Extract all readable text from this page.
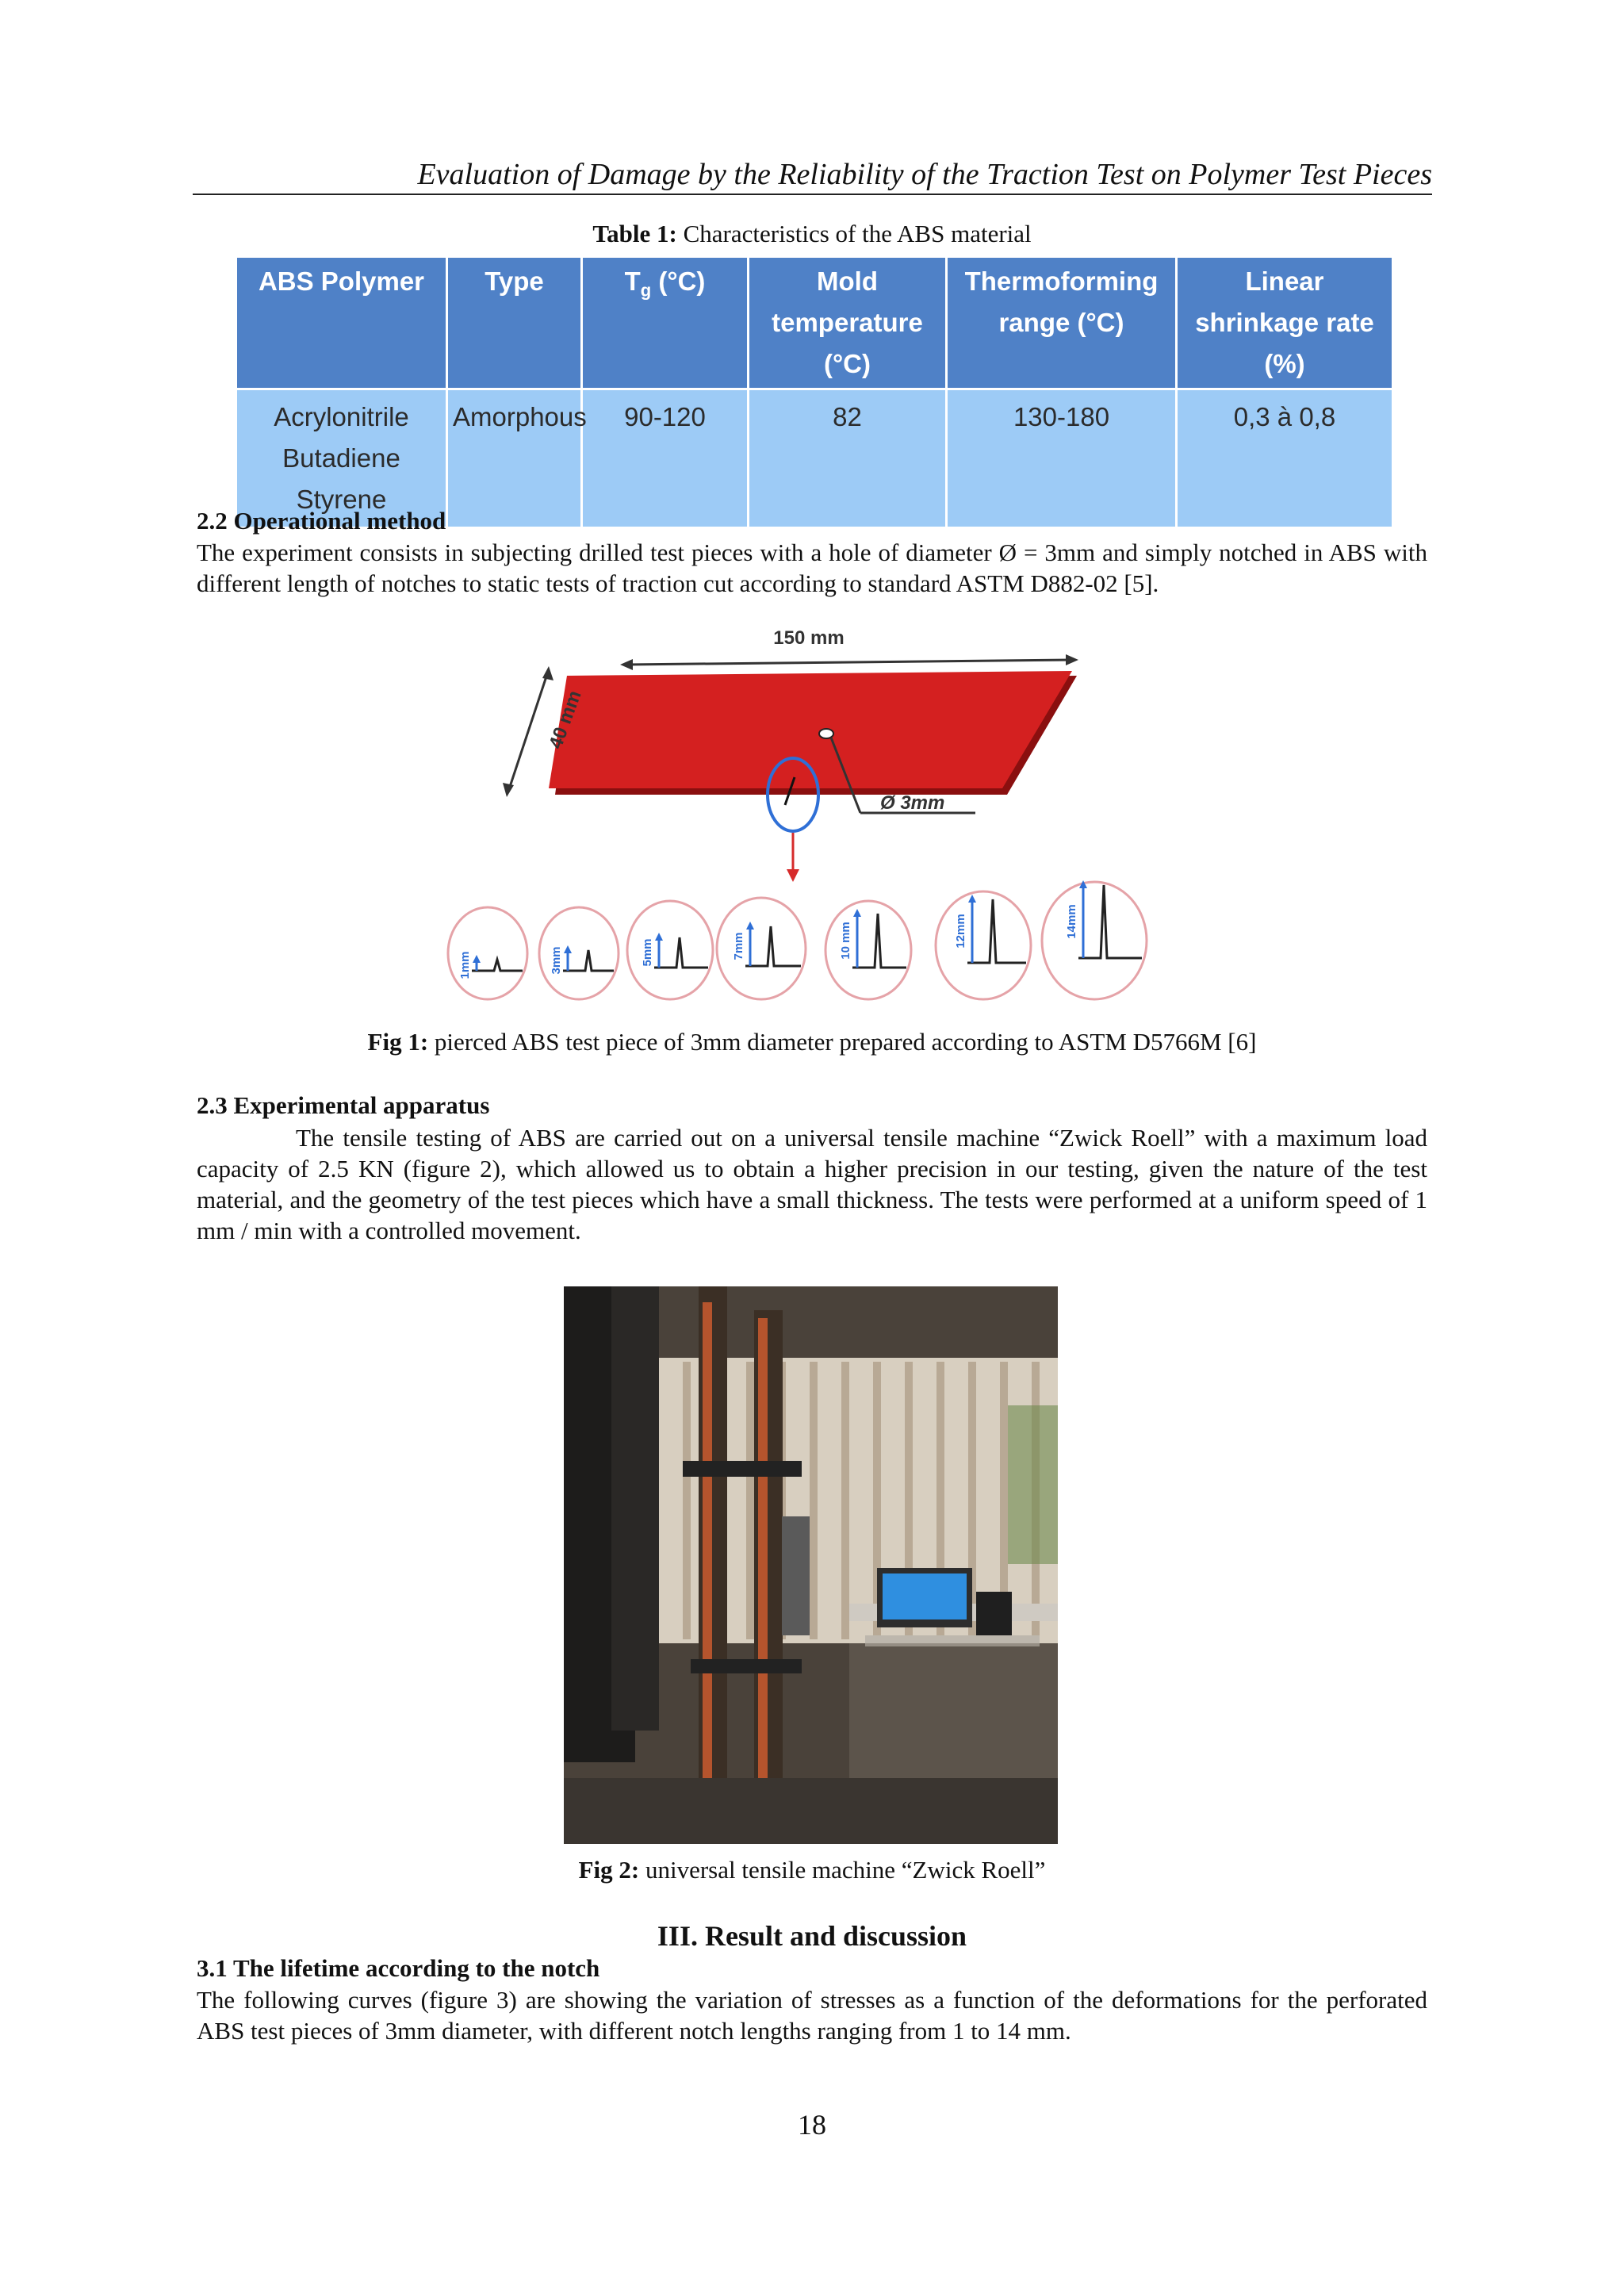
Evaluation of Damage by the Reliability of the Traction Test on Polymer Test Pieces
Table 1: Characteristics of the ABS material
ABS Polymer	Type	$T_g$ (°C)	Mold temperature (°C)	Thermoforming range (°C)	Linear shrinkage rate (%)
Acrylonitrile Butadiene Styrene	Amorphous	90-120	82	130-180	0,3 à 0,8
2.2 Operational method
The experiment consists in subjecting drilled test pieces with a hole of diameter Ø = 3mm and simply notched in ABS with different length of notches to static tests of traction cut according to standard ASTM D882-02 [5].
150 mm
40 mm
Ø 3mm
1mm	3mm	5mm	7mm	10 mm	12mm	14mm
Fig 1: pierced ABS test piece of 3mm diameter prepared according to ASTM D5766M [6]
2.3 Experimental apparatus
The tensile testing of ABS are carried out on a universal tensile machine “Zwick Roell” with a maximum load capacity of 2.5 KN (figure 2), which allowed us to obtain a higher precision in our testing, given the nature of the test material, and the geometry of the test pieces which have a small thickness. The tests were performed at a uniform speed of 1 mm / min with a controlled movement.
Fig 2: universal tensile machine “Zwick Roell”
III. Result and discussion
3.1 The lifetime according to the notch
The following curves (figure 3) are showing the variation of stresses as a function of the deformations for the perforated ABS test pieces of 3mm diameter, with different notch lengths ranging from 1 to 14 mm.
18
